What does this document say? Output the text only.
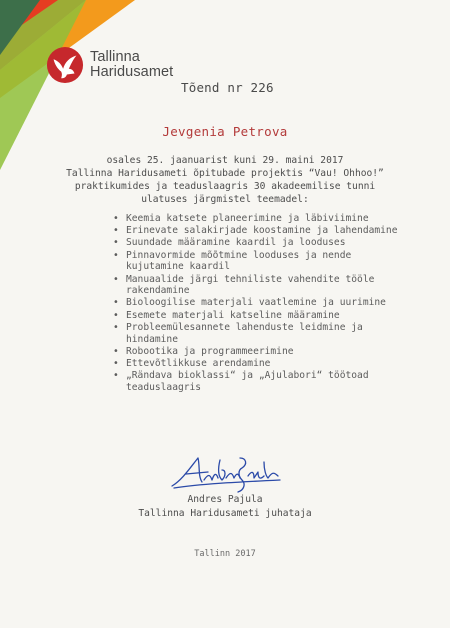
Tallinna
Haridusamet
Tõend nr 226
Jevgenia Petrova
osales 25. jaanuarist kuni 29. maini 2017
Tallinna Haridusameti õpitubade projektis “Vau! Ohhoo!”
praktikumides ja teaduslaagris 30 akadeemilise tunni
ulatuses järgmistel teemadel:
• Keemia katsete planeerimine ja läbiviimine
• Erinevate salakirjade koostamine ja lahendamine
• Suundade määramine kaardil ja looduses
• Pinnavormide mõõtmine looduses ja nende kujutamine kaardil
• Manuaalide järgi tehniliste vahendite tööle rakendamine
• Bioloogilise materjali vaatlemine ja uurimine
• Esemete materjali katseline määramine
• Probleemülesannete lahenduste leidmine ja hindamine
• Robootika ja programmeerimine
• Ettevõtlikkuse arendamine
• „Rändava bioklassi“ ja „Ajulabori“ töötoad teaduslaagris
Andres Pajula
Tallinna Haridusameti juhataja
Tallinn 2017
